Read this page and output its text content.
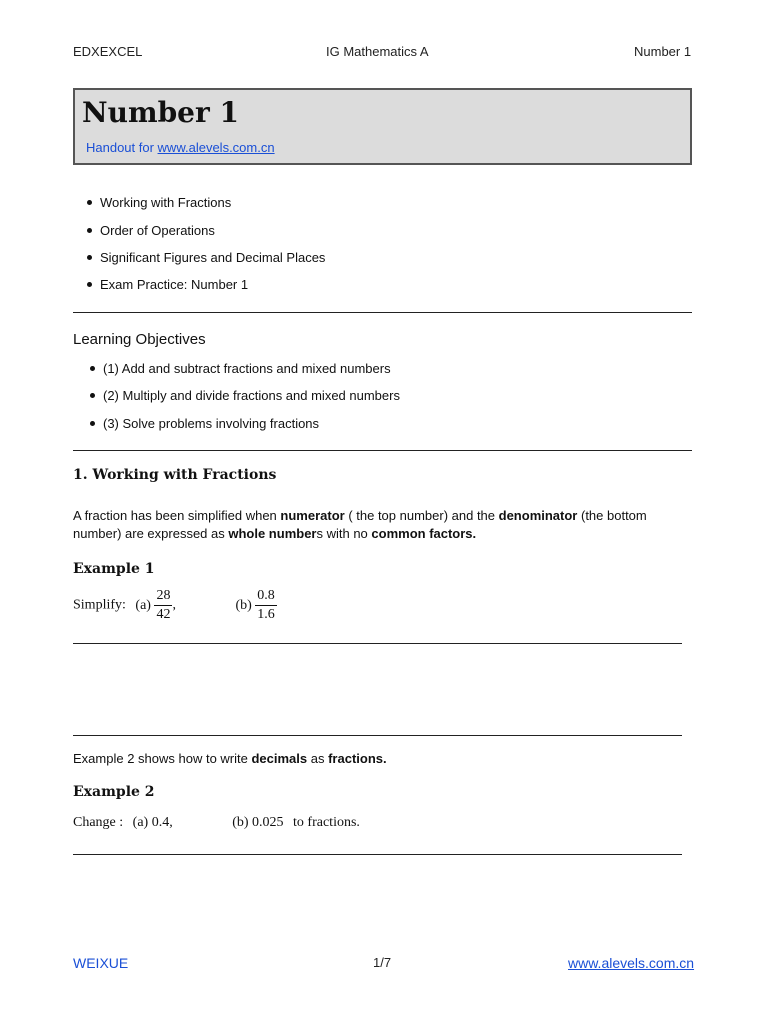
EDXEXCEL	IG Mathematics A	Number 1
Number 1
Handout for www.alevels.com.cn
Working with Fractions
Order of Operations
Significant Figures and Decimal Places
Exam Practice: Number 1
Learning Objectives
(1) Add and subtract fractions and mixed numbers
(2) Multiply and divide fractions and mixed numbers
(3) Solve problems involving fractions
1. Working with Fractions
A fraction has been simplified when numerator ( the top number) and the denominator (the bottom number) are expressed as whole numbers with no common factors.
Example 1
Simplify: $(a) \frac{28}{42}$ ,	$(b) \frac{0.8}{1.6}$
Example 2 shows how to write decimals as fractions.
Example 2
Change : (a) 0.4,	(b) 0.025 to fractions.
WEIXUE	1/7	www.alevels.com.cn
